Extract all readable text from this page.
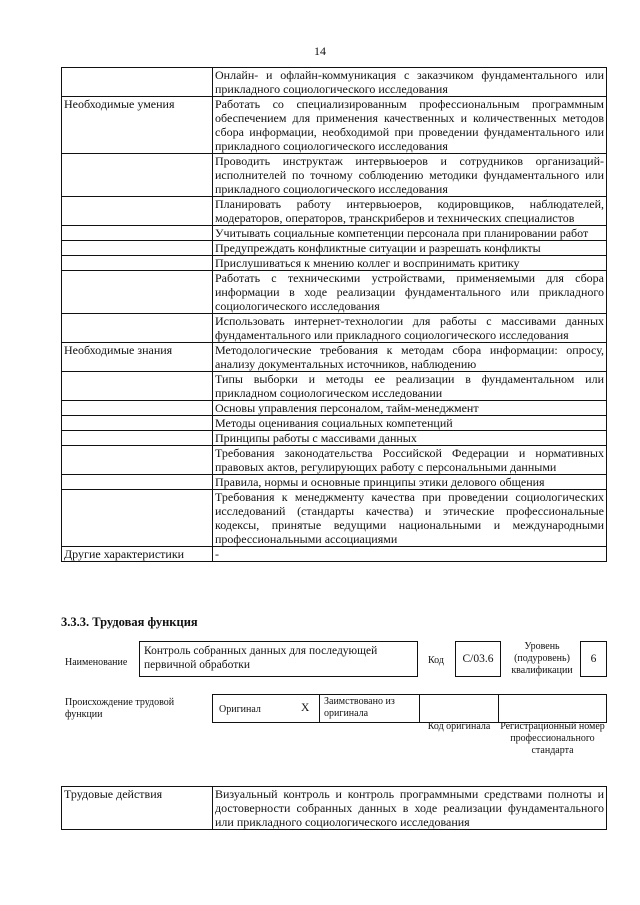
14
	Онлайн- и офлайн-коммуникация с заказчиком фундаментального или прикладного социологического исследования
Необходимые умения	Работать со специализированным профессиональным программным обеспечением для применения качественных и количественных методов сбора информации, необходимой при проведении фундаментального или прикладного социологического исследования
	Проводить инструктаж интервьюеров и сотрудников организаций-исполнителей по точному соблюдению методики фундаментального или прикладного социологического исследования
	Планировать работу интервьюеров, кодировщиков, наблюдателей, модераторов, операторов, транскриберов и технических специалистов
	Учитывать социальные компетенции персонала при планировании работ
	Предупреждать конфликтные ситуации и разрешать конфликты
	Прислушиваться к мнению коллег и воспринимать критику
	Работать с техническими устройствами, применяемыми для сбора информации в ходе реализации фундаментального или прикладного социологического исследования
	Использовать интернет-технологии для работы с массивами данных фундаментального или прикладного социологического исследования
Необходимые знания	Методологические требования к методам сбора информации: опросу, анализу документальных источников, наблюдению
	Типы выборки и методы ее реализации в фундаментальном или прикладном социологическом исследовании
	Основы управления персоналом, тайм-менеджмент
	Методы оценивания социальных компетенций
	Принципы работы с массивами данных
	Требования законодательства Российской Федерации и нормативных правовых актов, регулирующих работу с персональными данными
	Правила, нормы и основные принципы этики делового общения
	Требования к менеджменту качества при проведении социологических исследований (стандарты качества) и этические профессиональные кодексы, принятые ведущими национальными и международными профессиональными ассоциациями
Другие характеристики	-
3.3.3. Трудовая функция
Наименование
Контроль собранных данных для последующей первичной обработки	Код	C/03.6
Уровень (подуровень) квалификации
6
Происхождение трудовой функции	Оригинал	X
Заимствовано из оригинала
Код оригинала Регистрационный номер профессионального стандарта
Трудовые действия	Визуальный контроль и контроль программными средствами полноты и достоверности собранных данных в ходе реализации фундаментального или прикладного социологического исследования
